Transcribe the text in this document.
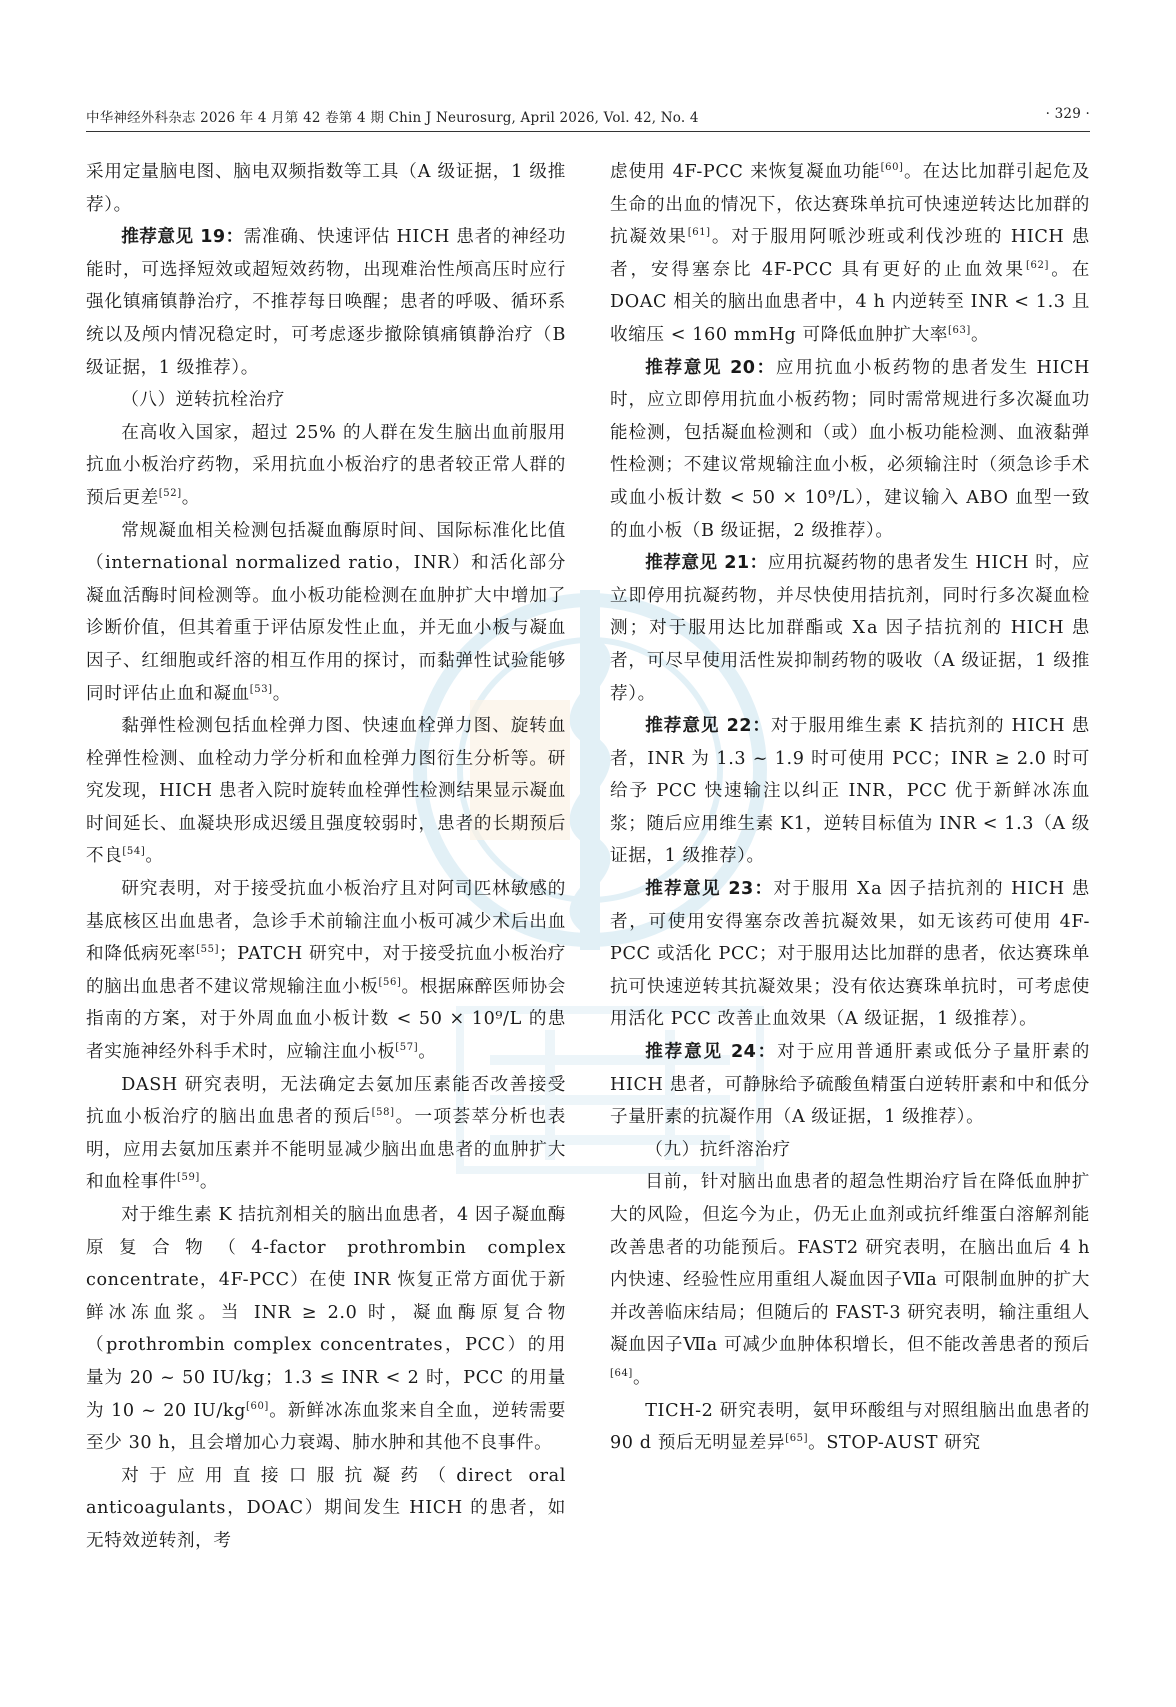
中华神经外科杂志 2026 年 4 月第 42 卷第 4 期 Chin J Neurosurg, April 2026, Vol. 42, No. 4	· 329 ·

采用定量脑电图、脑电双频指数等工具（A 级证据，1 级推荐）。

推荐意见 19：需准确、快速评估 HICH 患者的神经功能时，可选择短效或超短效药物，出现难治性颅高压时应行强化镇痛镇静治疗，不推荐每日唤醒；患者的呼吸、循环系统以及颅内情况稳定时，可考虑逐步撤除镇痛镇静治疗（B 级证据，1 级推荐）。

（八）逆转抗栓治疗

在高收入国家，超过 25% 的人群在发生脑出血前服用抗血小板治疗药物，采用抗血小板治疗的患者较正常人群的预后更差[52]。

常规凝血相关检测包括凝血酶原时间、国际标准化比值（international normalized ratio，INR）和活化部分凝血活酶时间检测等。血小板功能检测在血肿扩大中增加了诊断价值，但其着重于评估原发性止血，并无血小板与凝血因子、红细胞或纤溶的相互作用的探讨，而黏弹性试验能够同时评估止血和凝血[53]。

黏弹性检测包括血栓弹力图、快速血栓弹力图、旋转血栓弹性检测、血栓动力学分析和血栓弹力图衍生分析等。研究发现，HICH 患者入院时旋转血栓弹性检测结果显示凝血时间延长、血凝块形成迟缓且强度较弱时，患者的长期预后不良[54]。

研究表明，对于接受抗血小板治疗且对阿司匹林敏感的基底核区出血患者，急诊手术前输注血小板可减少术后出血和降低病死率[55]；PATCH 研究中，对于接受抗血小板治疗的脑出血患者不建议常规输注血小板[56]。根据麻醉医师协会指南的方案，对于外周血血小板计数 < 50 × 10⁹/L 的患者实施神经外科手术时，应输注血小板[57]。

DASH 研究表明，无法确定去氨加压素能否改善接受抗血小板治疗的脑出血患者的预后[58]。一项荟萃分析也表明，应用去氨加压素并不能明显减少脑出血患者的血肿扩大和血栓事件[59]。

对于维生素 K 拮抗剂相关的脑出血患者，4 因子凝血酶原复合物（4-factor prothrombin complex concentrate，4F-PCC）在使 INR 恢复正常方面优于新鲜冰冻血浆。当 INR ≥ 2.0 时，凝血酶原复合物（prothrombin complex concentrates，PCC）的用量为 20 ~ 50 IU/kg；1.3 ≤ INR < 2 时，PCC 的用量为 10 ~ 20 IU/kg[60]。新鲜冰冻血浆来自全血，逆转需要至少 30 h，且会增加心力衰竭、肺水肿和其他不良事件。

对于应用直接口服抗凝药（direct oral anticoagulants，DOAC）期间发生 HICH 的患者，如无特效逆转剂，考

虑使用 4F-PCC 来恢复凝血功能[60]。在达比加群引起危及生命的出血的情况下，依达赛珠单抗可快速逆转达比加群的抗凝效果[61]。对于服用阿哌沙班或利伐沙班的 HICH 患者，安得塞奈比 4F-PCC 具有更好的止血效果[62]。在 DOAC 相关的脑出血患者中，4 h 内逆转至 INR < 1.3 且收缩压 < 160 mmHg 可降低血肿扩大率[63]。

推荐意见 20：应用抗血小板药物的患者发生 HICH 时，应立即停用抗血小板药物；同时需常规进行多次凝血功能检测，包括凝血检测和（或）血小板功能检测、血液黏弹性检测；不建议常规输注血小板，必须输注时（须急诊手术或血小板计数 < 50 × 10⁹/L），建议输入 ABO 血型一致的血小板（B 级证据，2 级推荐）。

推荐意见 21：应用抗凝药物的患者发生 HICH 时，应立即停用抗凝药物，并尽快使用拮抗剂，同时行多次凝血检测；对于服用达比加群酯或 Ⅹa 因子拮抗剂的 HICH 患者，可尽早使用活性炭抑制药物的吸收（A 级证据，1 级推荐）。

推荐意见 22：对于服用维生素 K 拮抗剂的 HICH 患者，INR 为 1.3 ~ 1.9 时可使用 PCC；INR ≥ 2.0 时可给予 PCC 快速输注以纠正 INR，PCC 优于新鲜冰冻血浆；随后应用维生素 K1，逆转目标值为 INR < 1.3（A 级证据，1 级推荐）。

推荐意见 23：对于服用 Ⅹa 因子拮抗剂的 HICH 患者，可使用安得塞奈改善抗凝效果，如无该药可使用 4F-PCC 或活化 PCC；对于服用达比加群的患者，依达赛珠单抗可快速逆转其抗凝效果；没有依达赛珠单抗时，可考虑使用活化 PCC 改善止血效果（A 级证据，1 级推荐）。

推荐意见 24：对于应用普通肝素或低分子量肝素的 HICH 患者，可静脉给予硫酸鱼精蛋白逆转肝素和中和低分子量肝素的抗凝作用（A 级证据，1 级推荐）。

（九）抗纤溶治疗

目前，针对脑出血患者的超急性期治疗旨在降低血肿扩大的风险，但迄今为止，仍无止血剂或抗纤维蛋白溶解剂能改善患者的功能预后。FAST2 研究表明，在脑出血后 4 h 内快速、经验性应用重组人凝血因子Ⅶa 可限制血肿的扩大并改善临床结局；但随后的 FAST-3 研究表明，输注重组人凝血因子Ⅶa 可减少血肿体积增长，但不能改善患者的预后[64]。

TICH-2 研究表明，氨甲环酸组与对照组脑出血患者的 90 d 预后无明显差异[65]。STOP-AUST 研究
